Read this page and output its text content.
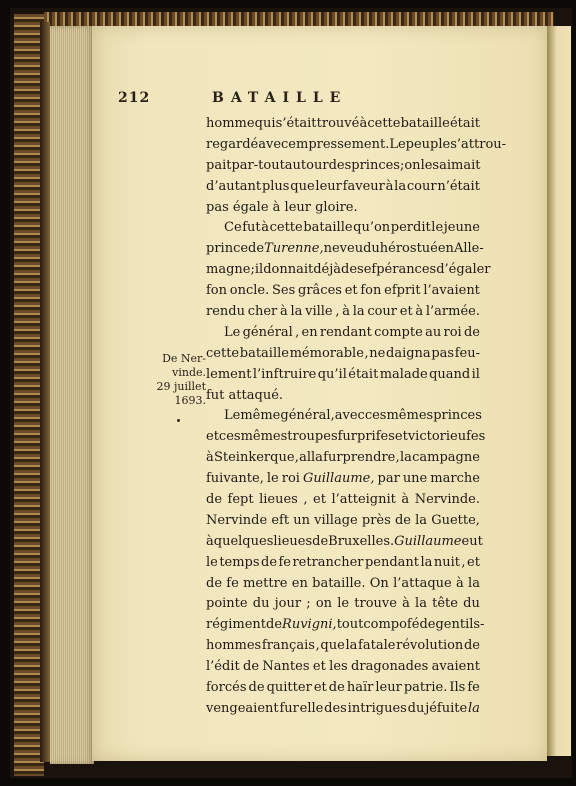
212	BATAILLE
De Ner-
vinde.
29 juillet
1693.
homme qui s’était trouvé à cette bataille était
regardé avec empressement. Le peuple s’attrou-
pait par-tout autour des princes ; on les aimait
d’autant plus que leur faveur à la cour n’était
pas égale à leur gloire.
Ce fut à cette bataille qu’on perdit le jeune
prince de Turenne, neveu du héros tué en Alle-
magne ; il donnait déjà des efpérances d’égaler
fon oncle. Ses grâces et fon efprit l’avaient
rendu cher à la ville , à la cour et à l’armée.
Le général , en rendant compte au roi de
cette bataille mémorable , ne daigna pas feu-
lement l’inftruire qu’il était malade quand il
fut attaqué.
Le même général , avec ces mêmes princes
et ces mêmes troupes furprifes et victorieufes
à Steinkerque , alla furprendre , la campagne
fuivante, le roi Guillaume, par une marche
de fept lieues , et l’atteignit à Nervinde.
Nervinde eft un village près de la Guette,
à quelques lieues de Bruxelles. Guillaume eut
le temps de fe retrancher pendant la nuit , et
de fe mettre en bataille. On l’attaque à la
pointe du jour ; on le trouve à la tête du
régiment de Ruvigni , tout compofé de gentils-
hommes français , que la fatale révolution de
l’édit de Nantes et les dragonades avaient
forcés de quitter et de haïr leur patrie. Ils fe
vengeaient fur elle des intrigues du jéfuite la
